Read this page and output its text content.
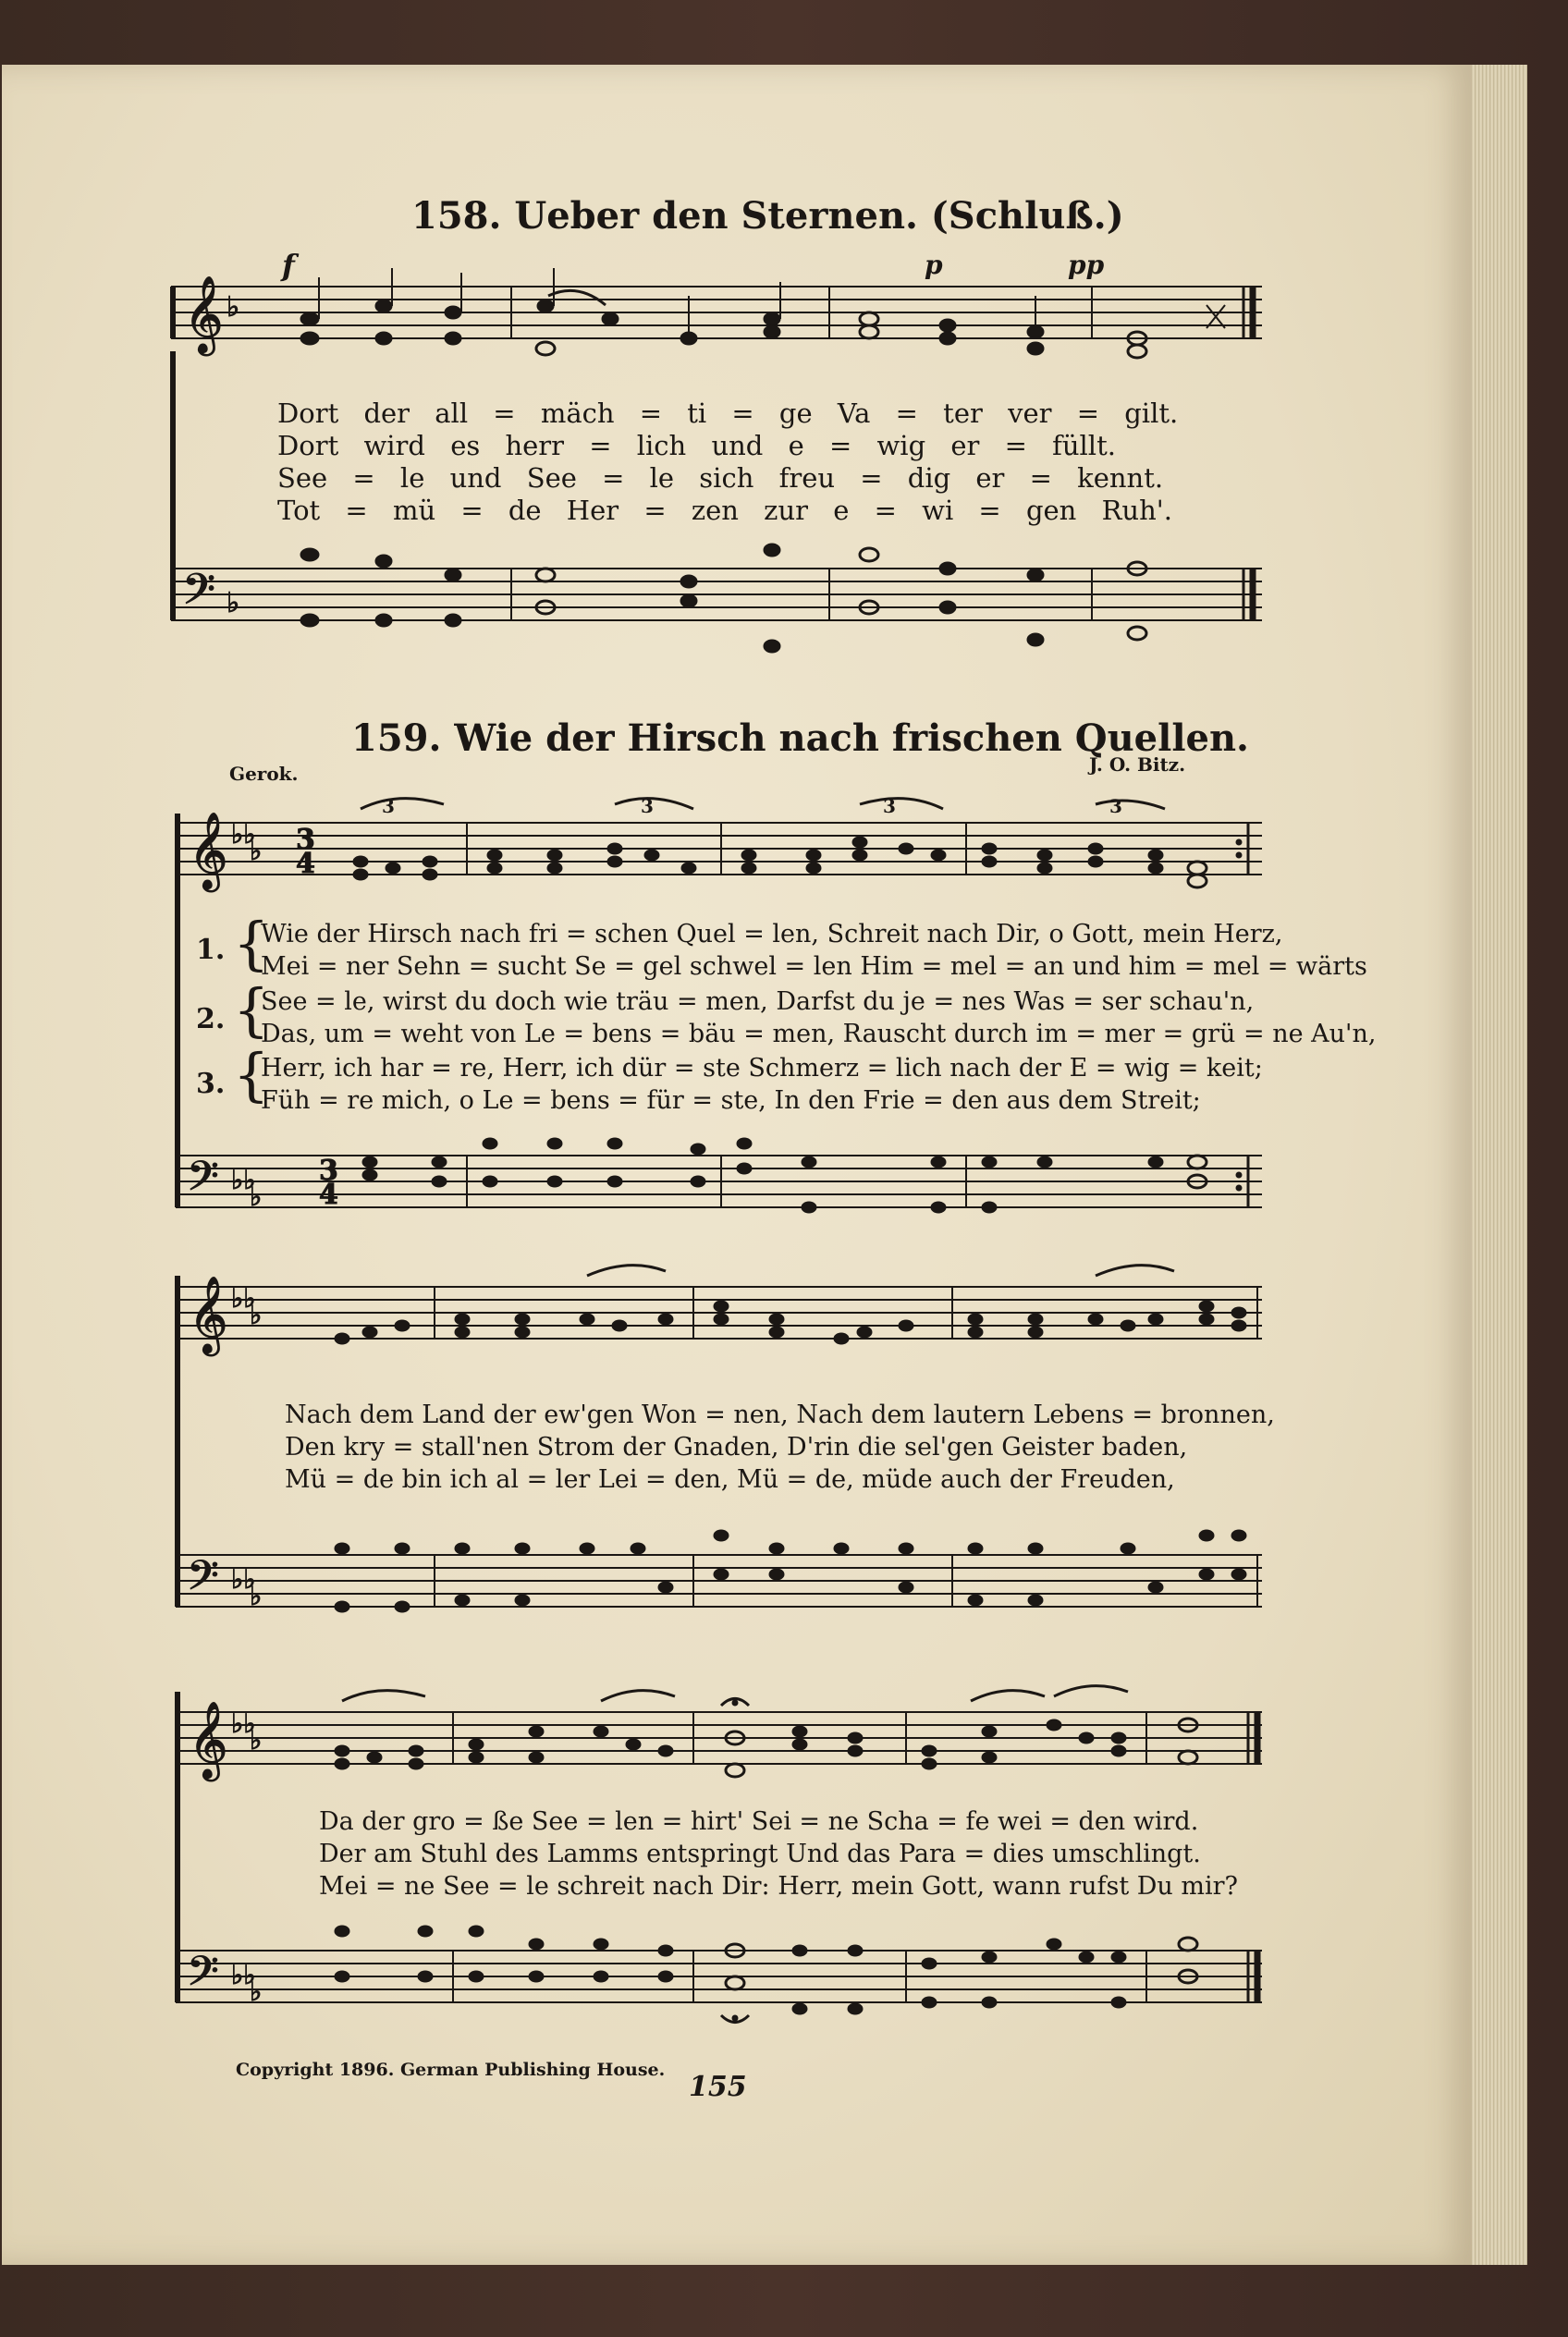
158. Ueber den Sternen. (Schluß.)
𝄞 ♭
f	p	pp
Dort der all = mäch = ti = ge Va = ter ver = gilt.
Dort wird es herr = lich und e = wig er = füllt.
See = le und See = le sich freu = dig er = kennt.
Tot = mü = de Her = zen zur e = wi = gen Ruh'.
𝄢 ♭
159. Wie der Hirsch nach frischen Quellen.
Gerok.	J. O. Bitz.
𝄞 ♭♭
♭ 3
4
3	3	3	3
1.
2.
3.
{
{
{
Wie der Hirsch nach fri = schen Quel = len, Schreit nach Dir, o Gott, mein Herz,
Mei = ner Sehn = sucht Se = gel schwel = len Him = mel = an und him = mel = wärts
See = le, wirst du doch wie träu = men, Darfst du je = nes Was = ser schau'n,
Das, um = weht von Le = bens = bäu = men, Rauscht durch im = mer = grü = ne Au'n,
Herr, ich har = re, Herr, ich dür = ste Schmerz = lich nach der E = wig = keit;
Füh = re mich, o Le = bens = für = ste, In den Frie = den aus dem Streit;
𝄢 ♭♭
♭
3
4
𝄞 ♭♭
♭
Nach dem Land der ew'gen Won = nen, Nach dem lautern Lebens = bronnen,
Den kry = stall'nen Strom der Gnaden, D'rin die sel'gen Geister baden,
Mü = de bin ich al = ler Lei = den, Mü = de, müde auch der Freuden,
𝄢 ♭♭
♭
𝄞 ♭♭
♭
Da der gro = ße See = len = hirt' Sei = ne Scha = fe wei = den wird.
Der am Stuhl des Lamms entspringt Und das Para = dies umschlingt.
Mei = ne See = le schreit nach Dir: Herr, mein Gott, wann rufst Du mir?
𝄢 ♭♭
♭
Copyright 1896. German Publishing House.
155
